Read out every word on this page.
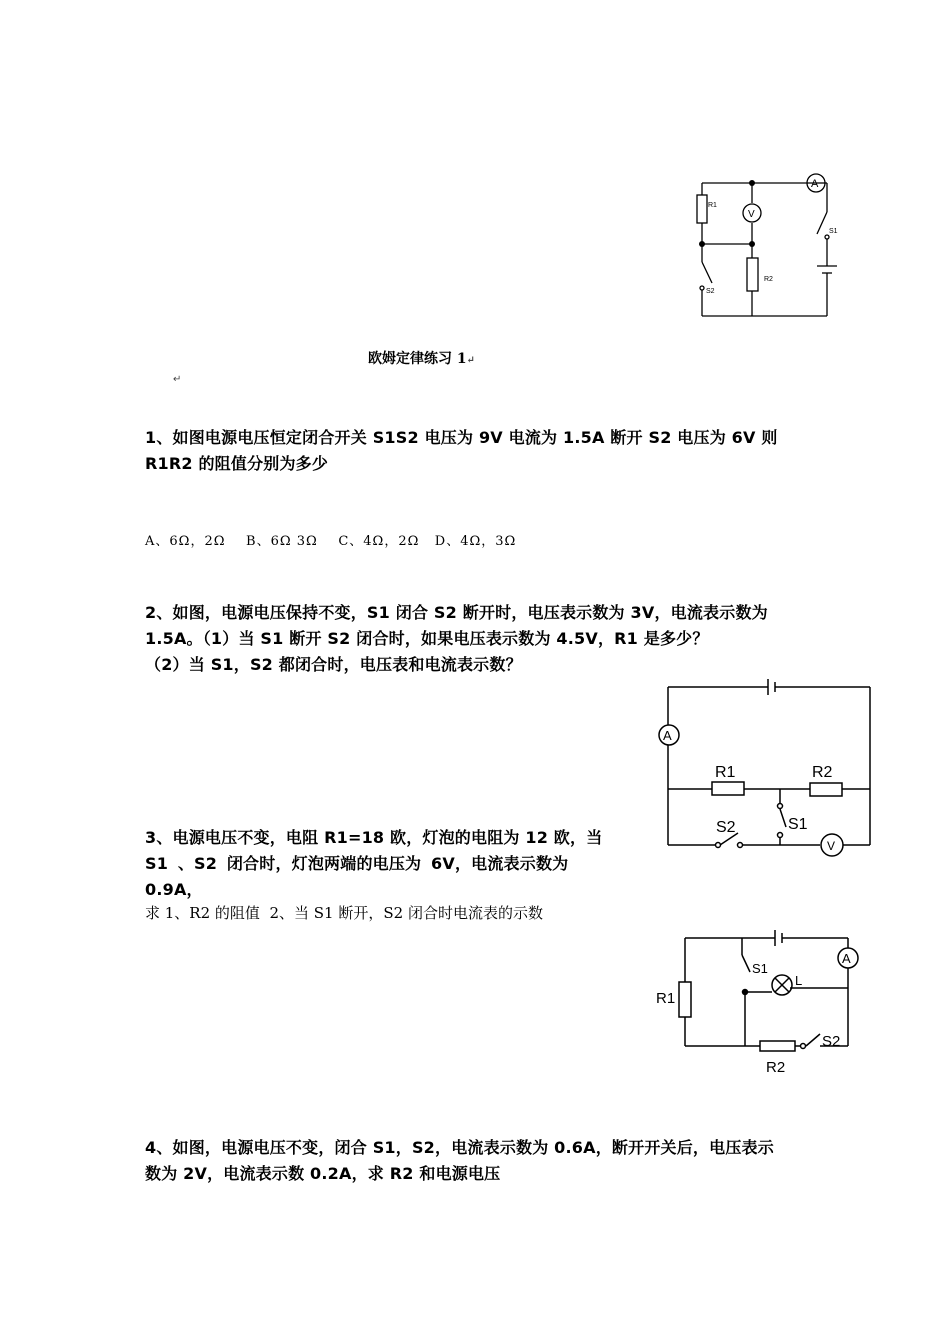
A
V
R1
R2
S1
S2
欧姆定律练习 1↵
↵
1、如图电源电压恒定闭合开关 S1S2 电压为 9V 电流为 1.5A 断开 S2 电压为 6V 则
R1R2 的阻值分别为多少
A、6Ω，2Ω    B、6Ω 3Ω    C、4Ω，2Ω   D、4Ω，3Ω
2、如图，电源电压保持不变，S1 闭合 S2 断开时，电压表示数为 3V，电流表示数为
1.5A。（1）当 S1 断开 S2 闭合时，如果电压表示数为 4.5V，R1 是多少？
（2）当 S1，S2 都闭合时，电压表和电流表示数？
A
V
R1	R2
S2	S1
3、电源电压不变，电阻 R1=18 欧，灯泡的电阻为 12 欧，当
S1 、S2 闭合时，灯泡两端的电压为 6V，电流表示数为
0.9A，
求 1、R2 的阻值  2、当 S1 断开，S2 闭合时电流表的示数
A
R1
S1
L
R2
S2
4、如图，电源电压不变，闭合 S1，S2，电流表示数为 0.6A，断开开关后，电压表示
数为 2V，电流表示数 0.2A，求 R2 和电源电压
